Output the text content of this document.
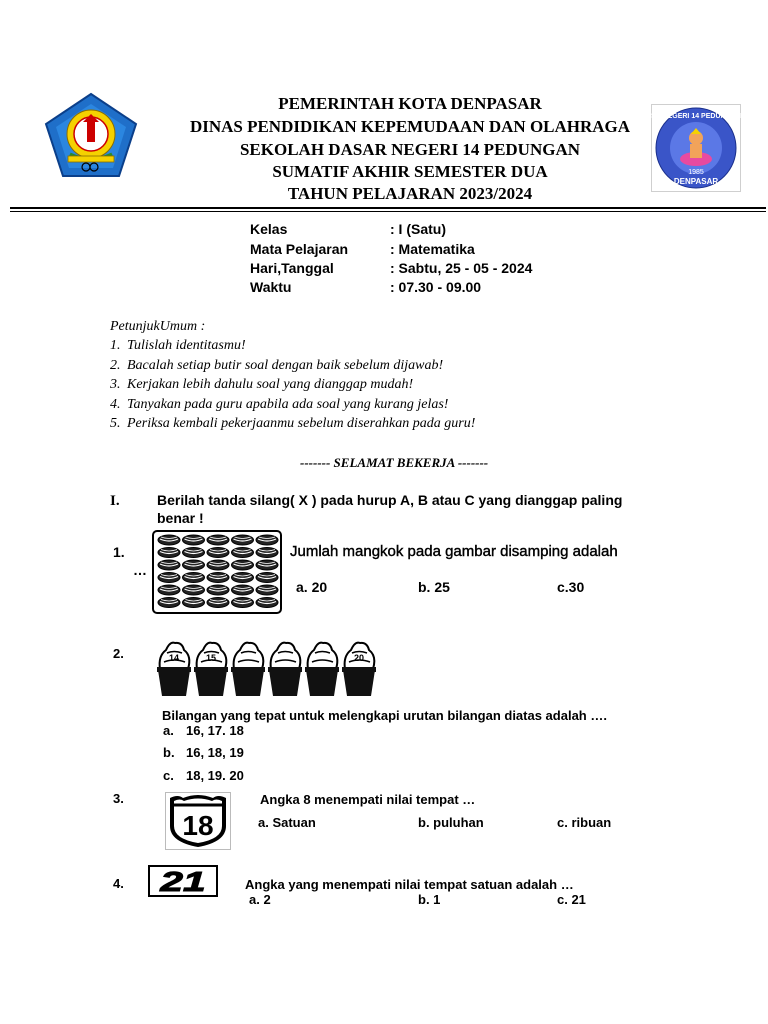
1985
DENPASAR
SD.NEGERI 14 PEDUNGAN
PEMERINTAH KOTA DENPASAR
DINAS PENDIDIKAN KEPEMUDAAN DAN OLAHRAGA
SEKOLAH DASAR NEGERI 14 PEDUNGAN
SUMATIF AKHIR SEMESTER DUA
TAHUN PELAJARAN 2023/2024
Kelas	: I (Satu)
Mata Pelajaran	: Matematika
Hari,Tanggal	: Sabtu, 25 - 05 - 2024
Waktu	: 07.30 - 09.00
PetunjukUmum :
1. Tulislah identitasmu!
2. Bacalah setiap butir soal dengan baik sebelum dijawab!
3. Kerjakan lebih dahulu soal yang dianggap mudah!
4. Tanyakan pada guru apabila ada soal yang kurang jelas!
5. Periksa kembali pekerjaanmu sebelum diserahkan pada guru!
------- SELAMAT BEKERJA -------
I.	Berilah tanda silang( X ) pada hurup A, B atau C yang dianggap paling
benar !
1.
…
Jumlah mangkok pada gambar disamping adalah
a. 20	b. 25	c.30
2.	14	15	20
Bilangan yang tepat untuk melengkapi urutan bilangan diatas adalah ….
a. 16, 17. 18
b. 16, 18, 19
c. 18, 19. 20
3.
18
Angka 8 menempati nilai tempat …
a. Satuan	b. puluhan	c. ribuan
4. 21	Angka yang menempati nilai tempat satuan adalah …
a. 2	b. 1	c. 21
